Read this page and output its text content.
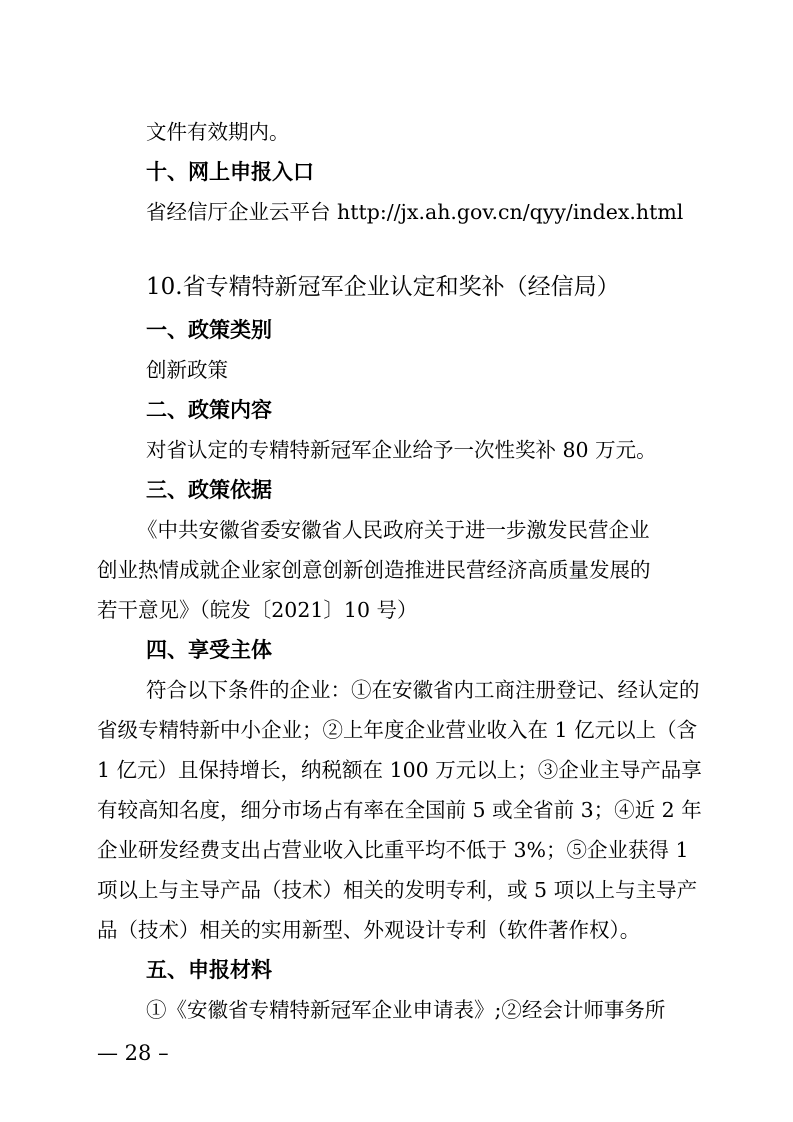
文件有效期内。
十、网上申报入口
省经信厅企业云平台 http://jx.ah.gov.cn/qyy/index.html
10.省专精特新冠军企业认定和奖补（经信局）
一、政策类别
创新政策
二、政策内容
对省认定的专精特新冠军企业给予一次性奖补 80 万元。
三、政策依据
《中共安徽省委安徽省人民政府关于进一步激发民营企业
创业热情成就企业家创意创新创造推进民营经济高质量发展的
若干意见》（皖发〔2021〕10 号）
四、享受主体
符合以下条件的企业：①在安徽省内工商注册登记、经认定的
省级专精特新中小企业；②上年度企业营业收入在 1 亿元以上（含
1 亿元）且保持增长，纳税额在 100 万元以上；③企业主导产品享
有较高知名度，细分市场占有率在全国前 5 或全省前 3；④近 2 年
企业研发经费支出占营业收入比重平均不低于 3%；⑤企业获得 1
项以上与主导产品（技术）相关的发明专利，或 5 项以上与主导产
品（技术）相关的实用新型、外观设计专利（软件著作权）。
五、申报材料
①《安徽省专精特新冠军企业申请表》;②经会计师事务所
— 28 –
